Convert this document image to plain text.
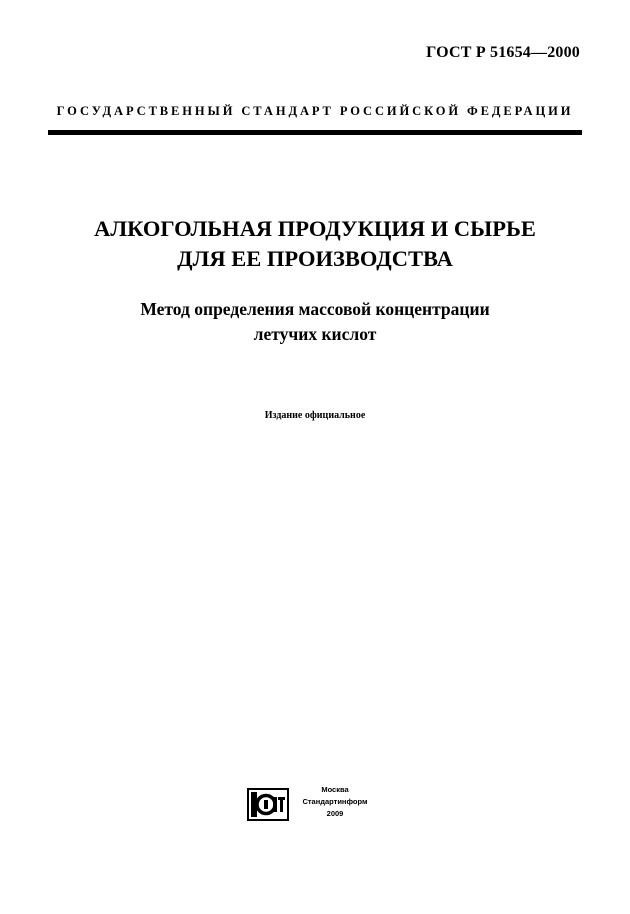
ГОСТ Р 51654—2000
ГОСУДАРСТВЕННЫЙ СТАНДАРТ РОССИЙСКОЙ ФЕДЕРАЦИИ
АЛКОГОЛЬНАЯ ПРОДУКЦИЯ И СЫРЬЕ
ДЛЯ ЕЕ ПРОИЗВОДСТВА
Метод определения массовой концентрации
летучих кислот
Издание официальное
Москва
Стандартинформ
2009
